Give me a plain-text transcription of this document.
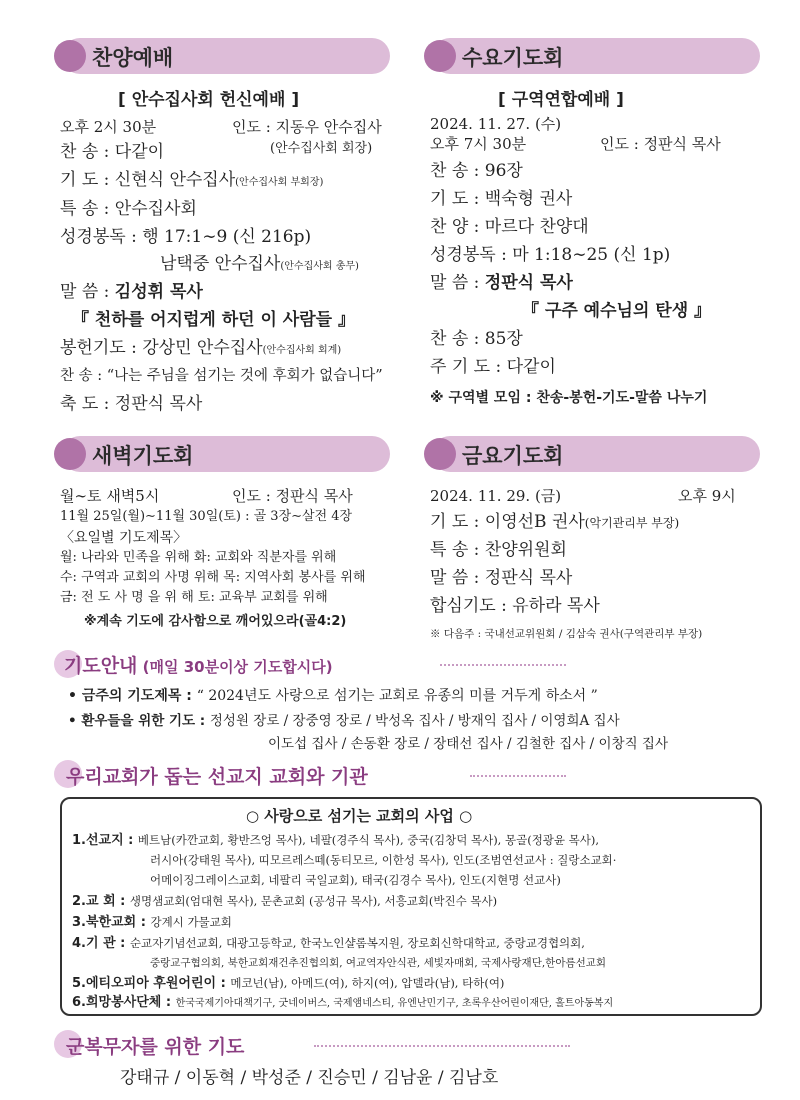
찬양예배
[ 안수집사회 헌신예배 ]
오후 2시 30분	인도 : 지동우 안수집사
(안수집사회 회장)
찬 송 : 다같이
기 도 : 신현식 안수집사(안수집사회 부회장)
특 송 : 안수집사회
성경봉독 : 행 17:1∼9 (신 216p)
남택중 안수집사(안수집사회 총무)
말 씀 : 김성휘 목사
『 천하를 어지럽게 하던 이 사람들 』
봉헌기도 : 강상민 안수집사(안수집사회 회계)
찬 송 : “나는 주님을 섬기는 것에 후회가 없습니다”
축 도 : 정판식 목사
수요기도회
[ 구역연합예배 ]
2024. 11. 27. (수)
오후 7시 30분	인도 : 정판식 목사
찬 송 : 96장
기 도 : 백숙형 권사
찬 양 : 마르다 찬양대
성경봉독 : 마 1:18∼25 (신 1p)
말 씀 : 정판식 목사
『 구주 예수님의 탄생 』
찬 송 : 85장
주 기 도 : 다같이
※ 구역별 모임 : 찬송-봉헌-기도-말씀 나누기
새벽기도회
월∼토 새벽5시	인도 : 정판식 목사
11월 25일(월)∼11월 30일(토) : 골 3장∼살전 4장
〈요일별 기도제목〉
월: 나라와 민족을 위해 화: 교회와 직분자를 위해
수: 구역과 교회의 사명 위해 목: 지역사회 봉사를 위해
금: 전 도 사 명 을 위 해 토: 교육부 교회를 위해
※계속 기도에 감사함으로 깨어있으라(골4:2)
금요기도회
2024. 11. 29. (금)	오후 9시
기 도 : 이영선B 권사(악기관리부 부장)
특 송 : 찬양위원회
말 씀 : 정판식 목사
합심기도 : 유하라 목사
※ 다음주 : 국내선교위원회 / 김삼숙 권사(구역관리부 부장)
기도안내 (매일 30분이상 기도합시다)
• 금주의 기도제목 : “ 2024년도 사랑으로 섬기는 교회로 유종의 미를 거두게 하소서 ”
• 환우들을 위한 기도 : 정성원 장로 / 장중영 장로 / 박성옥 집사 / 방재익 집사 / 이영희A 집사
이도섭 집사 / 손동환 장로 / 장태선 집사 / 김철한 집사 / 이창직 집사
우리교회가 돕는 선교지 교회와 기관
○ 사랑으로 섬기는 교회의 사업 ○
1.선교지 : 베트남(카깐교회, 황반즈엉 목사), 네팔(경주식 목사), 중국(김창덕 목사), 몽골(정광윤 목사),
러시아(강태원 목사), 띠모르레스떼(동티모르, 이한성 목사), 인도(조범연선교사 : 질랑소교회·
어메이징그레이스교회, 네팔리 국일교회), 태국(김경수 목사), 인도(지현명 선교사)
2.교 회 : 생명샘교회(엄대현 목사), 문촌교회 (공성규 목사), 서흥교회(박진수 목사)
3.북한교회 : 강계시 가물교회
4.기 관 : 순교자기념선교회, 대광고등학교, 한국노인샬롬복지원, 장로회신학대학교, 중랑교경협의회,
중랑교구협의회, 북한교회재건추진협의회, 여교역자안식관, 세빛자매회, 국제사랑재단,한아름선교회
5.에티오피아 후원어린이 : 메코넌(남), 아메드(여), 하지(여), 압델라(남), 타하(여)
6.희망봉사단체 : 한국국제기아대책기구, 굿네이버스, 국제앰네스티, 유엔난민기구, 초록우산어린이재단, 홀트아동복지
군복무자를 위한 기도
강태규 / 이동혁 / 박성준 / 진승민 / 김남윤 / 김남호
